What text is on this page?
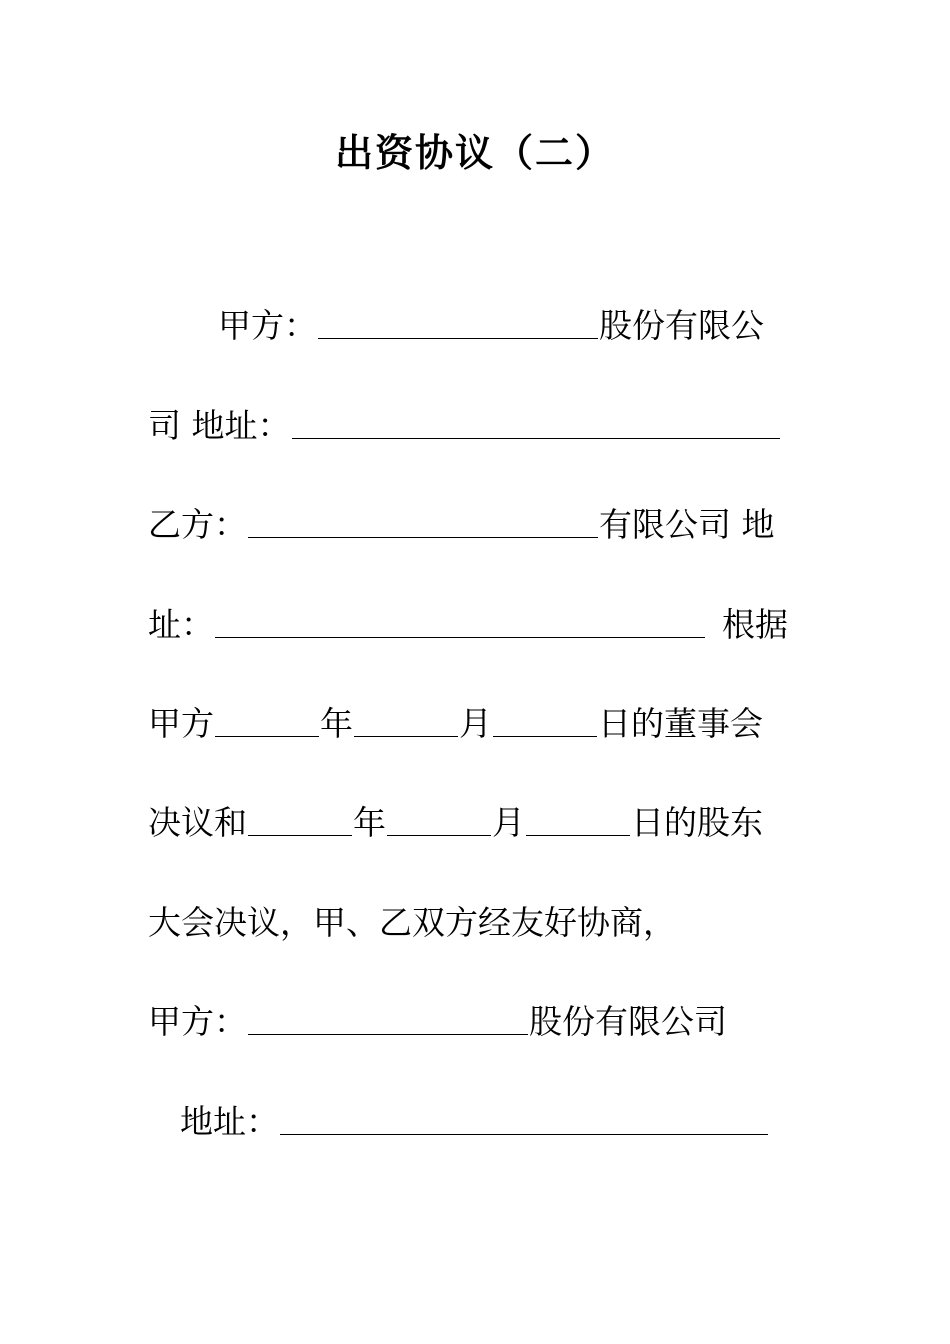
出资协议（二）
甲方：	股份有限公
司 地址：
乙方：	有限公司 地
址：	根据
甲方	年	月	日的董事会
决议和	年	月	日的股东
大会决议，甲、乙双方经友好协商，
甲方：	股份有限公司
地址：
